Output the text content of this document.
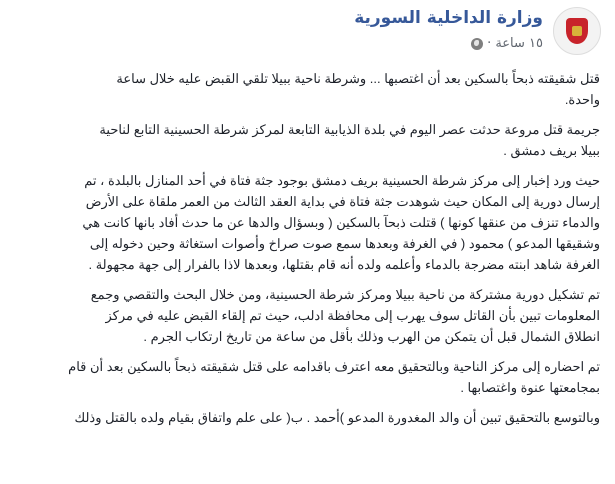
وزارة الداخلية السورية
١٥ ساعة
·
قتل شقيقته ذبحاً بالسكين بعد أن اغتصبها ... وشرطة ناحية ببيلا تلقي القبض عليه خلال ساعة
واحدة.
جريمة قتل مروعة حدثت عصر اليوم في بلدة الذيابية التابعة لمركز شرطة الحسينية التابع لناحية
ببيلا بريف دمشق .
حيث ورد إخبار إلى مركز شرطة الحسينية بريف دمشق بوجود جثة فتاة في أحد المنازل بالبلدة ، تم
إرسال دورية إلى المكان حيث شوهدت جثة فتاة في بداية العقد الثالث من العمر ملقاة على الأرض
والدماء تنزف من عنقها كونها ) قتلت ذبحآ بالسكين ( وبسؤال والدها عن ما حدث أفاد بانها كانت هي
وشقيقها المدعو ) محمود ( في الغرفة وبعدها سمع صوت صراخ وأصوات استغاثة وحين دخوله إلى
الغرفة شاهد ابنته مضرجة بالدماء وأعلمه ولده أنه قام بقتلها، وبعدها لاذا بالفرار إلى جهة مجهولة .
تم تشكيل دورية مشتركة من ناحية ببيلا ومركز شرطة الحسينية، ومن خلال البحث والتقصي وجمع
المعلومات تبين بأن القاتل سوف يهرب إلى محافظة ادلب، حيث تم إلقاء القبض عليه في مركز
انطلاق الشمال قبل أن يتمكن من الهرب وذلك بأقل من ساعة من تاريخ ارتكاب الجرم .
تم احضاره إلى مركز الناحية وبالتحقيق معه اعترف باقدامه على قتل شقيقته ذبحاً بالسكين بعد أن قام
بمجامعتها عنوة واغتصابها .
وبالتوسع بالتحقيق تبين أن والد المغدورة المدعو )أحمد . ب( على علم واتفاق بقيام ولده بالقتل وذلك
